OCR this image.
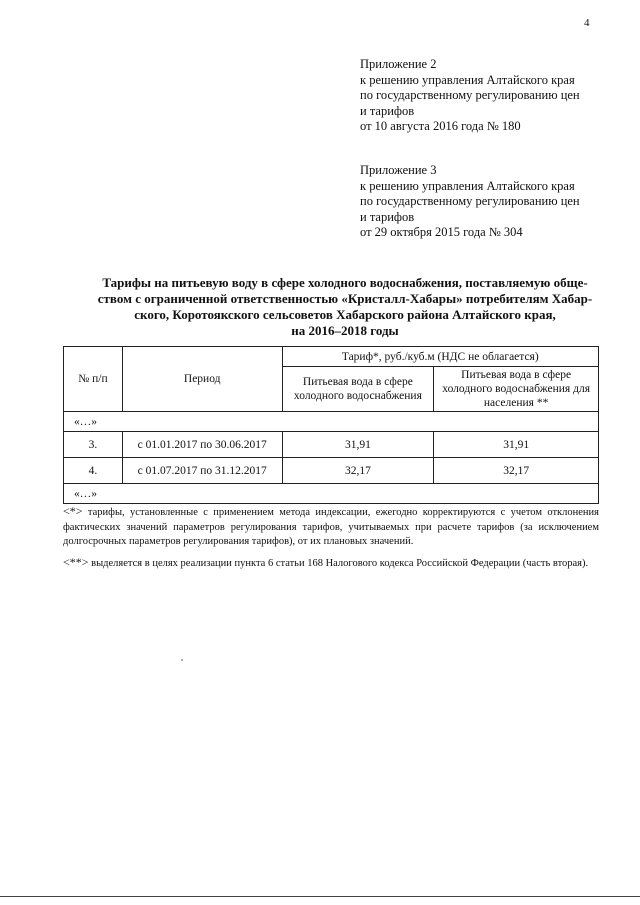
4
Приложение 2
к решению управления Алтайского края
по государственному регулированию цен
и тарифов
от 10 августа 2016 года № 180
Приложение 3
к решению управления Алтайского края
по государственному регулированию цен
и тарифов
от 29 октября 2015 года № 304
Тарифы на питьевую воду в сфере холодного водоснабжения, поставляемую обще-
ством с ограниченной ответственностью «Кристалл-Хабары» потребителям Хабар-
ского, Коротоякского сельсоветов Хабарского района Алтайского края,
на 2016–2018 годы
№ п/п	Период	Тариф*, руб./куб.м (НДС не облагается)	
		Питьевая вода в сфере холодного водоснабжения	Питьевая вода в сфере холодного водоснабжения для населения **
«…»			
3.	с 01.01.2017 по 30.06.2017	31,91	31,91
4.	с 01.07.2017 по 31.12.2017	32,17	32,17
«…»			

<*> тарифы, установленные с применением метода индексации, ежегодно корректируются с учетом отклонения фактических значений параметров регулирования тарифов, учитываемых при расчете тарифов (за исключением долгосрочных параметров регулирования тарифов), от их плановых значений.

<**> выделяется в целях реализации пункта 6 статьи 168 Налогового кодекса Российской Федерации (часть вторая).
